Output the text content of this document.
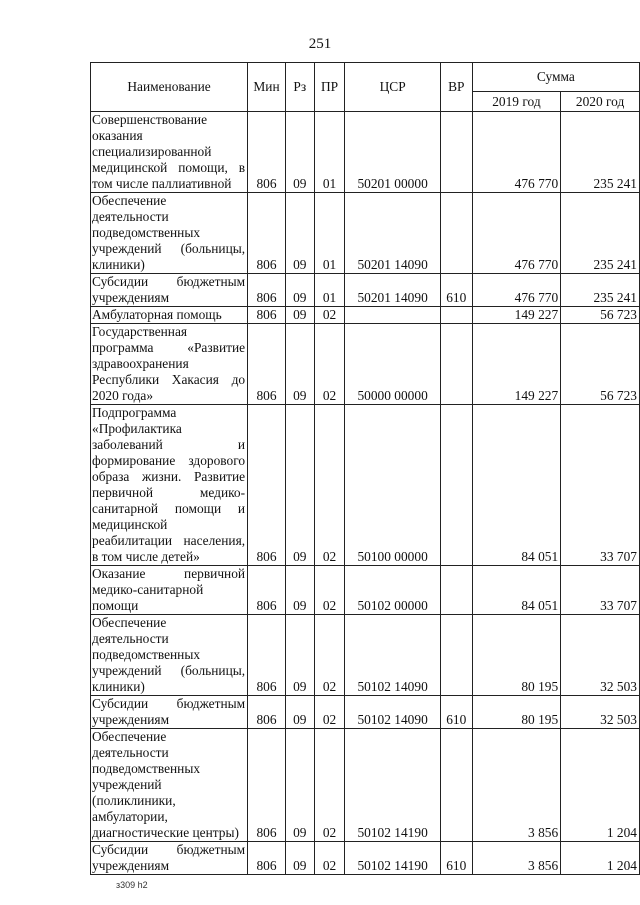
251
Наименование	Мин	Рз	ПР	ЦСР	ВР	Сумма	
						2019 год	2020 год
Совершенствование оказания специализированной медицинской помощи, в том числе паллиативной	806	09	01	50201 00000		476 770	235 241
Обеспечение деятельности подведомственных учреждений (больницы, клиники)	806	09	01	50201 14090		476 770	235 241
Субсидии бюджетным учреждениям	806	09	01	50201 14090	610	476 770	235 241
Амбулаторная помощь	806	09	02			149 227	56 723
Государственная программа «Развитие здравоохранения Республики Хакасия до 2020 года»	806	09	02	50000 00000		149 227	56 723
Подпрограмма «Профилактика заболеваний и формирование здорового образа жизни. Развитие первичной медико-санитарной помощи и медицинской реабилитации населения, в том числе детей»	806	09	02	50100 00000		84 051	33 707
Оказание первичной медико-санитарной помощи	806	09	02	50102 00000		84 051	33 707
Обеспечение деятельности подведомственных учреждений (больницы, клиники)	806	09	02	50102 14090		80 195	32 503
Субсидии бюджетным учреждениям	806	09	02	50102 14090	610	80 195	32 503
Обеспечение деятельности подведомственных учреждений (поликлиники, амбулатории, диагностические центры)	806	09	02	50102 14190		3 856	1 204
Субсидии бюджетным учреждениям	806	09	02	50102 14190	610	3 856	1 204
з309 h2
